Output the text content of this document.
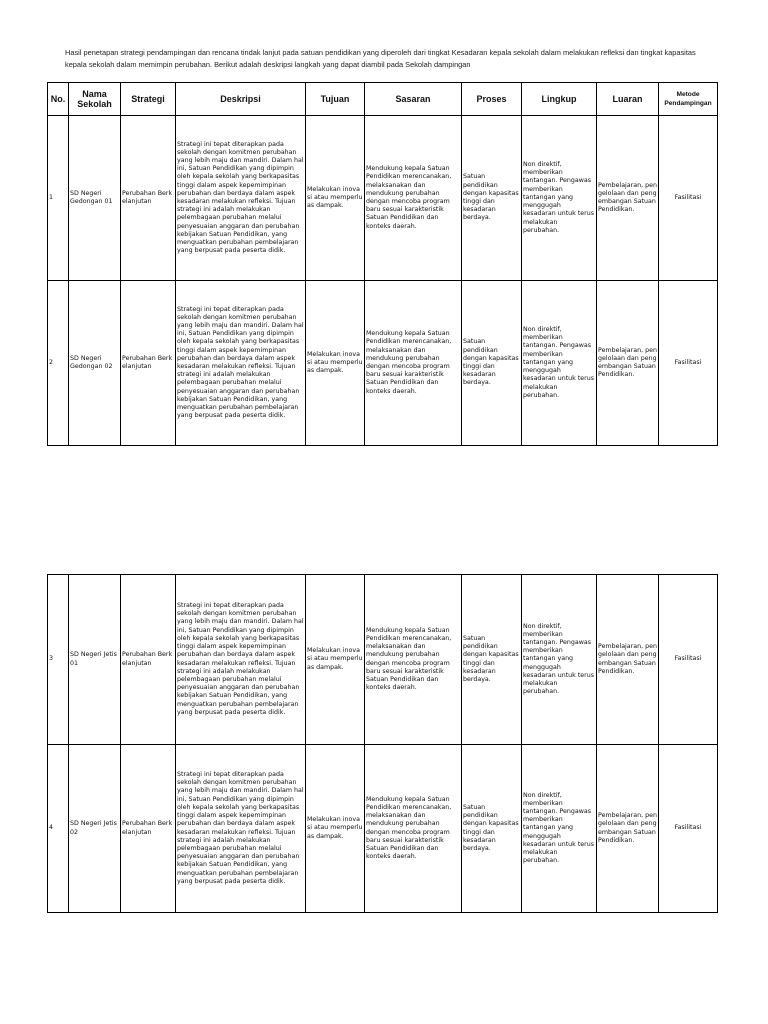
Hasil penetapan strategi pendampingan dan rencana tindak lanjut pada satuan pendidikan yang diperoleh dari tingkat Kesadaran kepala sekolah dalam melakukan refleksi dan tingkat kapasitas kepala sekolah dalam memimpin perubahan. Berikut adalah deskripsi langkah yang dapat diambil pada Sekolah dampingan

No.	Nama Sekolah	Strategi	Deskripsi	Tujuan	Sasaran	Proses	Lingkup	Luaran	Metode Pendampingan
1	SD Negeri Gedongan 01	Perubahan Berkelanjutan	Strategi ini tepat diterapkan pada sekolah dengan komitmen perubahan yang lebih maju dan mandiri. Dalam hal ini, Satuan Pendidikan yang dipimpin oleh kepala sekolah yang berkapasitas tinggi dalam aspek kepemimpinan perubahan dan berdaya dalam aspek kesadaran melakukan refleksi. Tujuan strategi ini adalah melakukan pelembagaan perubahan melalui penyesuaian anggaran dan perubahan kebijakan Satuan Pendidikan, yang menguatkan perubahan pembelajaran yang berpusat pada peserta didik.	Melakukan inovasi atau memperluas dampak.	Mendukung kepala Satuan Pendidikan merencanakan, melaksanakan dan mendukung perubahan dengan mencoba program baru sesuai karakteristik Satuan Pendidikan dan konteks daerah.	Satuan pendidikan dengan kapasitas tinggi dan kesadaran berdaya.	Non direktif, memberikan tantangan. Pengawas memberikan tantangan yang menggugah kesadaran untuk terus melakukan perubahan.	Pembelajaran, pengelolaan dan pengembangan Satuan Pendidikan.	Fasilitasi
2	SD Negeri Gedongan 02	Perubahan Berkelanjutan	Strategi ini tepat diterapkan pada sekolah dengan komitmen perubahan yang lebih maju dan mandiri. Dalam hal ini, Satuan Pendidikan yang dipimpin oleh kepala sekolah yang berkapasitas tinggi dalam aspek kepemimpinan perubahan dan berdaya dalam aspek kesadaran melakukan refleksi. Tujuan strategi ini adalah melakukan pelembagaan perubahan melalui penyesuaian anggaran dan perubahan kebijakan Satuan Pendidikan, yang menguatkan perubahan pembelajaran yang berpusat pada peserta didik.	Melakukan inovasi atau memperluas dampak.	Mendukung kepala Satuan Pendidikan merencanakan, melaksanakan dan mendukung perubahan dengan mencoba program baru sesuai karakteristik Satuan Pendidikan dan konteks daerah.	Satuan pendidikan dengan kapasitas tinggi dan kesadaran berdaya.	Non direktif, memberikan tantangan. Pengawas memberikan tantangan yang menggugah kesadaran untuk terus melakukan perubahan.	Pembelajaran, pengelolaan dan pengembangan Satuan Pendidikan.	Fasilitasi
3	SD Negeri Jetis 01	Perubahan Berkelanjutan	Strategi ini tepat diterapkan pada sekolah dengan komitmen perubahan yang lebih maju dan mandiri. Dalam hal ini, Satuan Pendidikan yang dipimpin oleh kepala sekolah yang berkapasitas tinggi dalam aspek kepemimpinan perubahan dan berdaya dalam aspek kesadaran melakukan refleksi. Tujuan strategi ini adalah melakukan pelembagaan perubahan melalui penyesuaian anggaran dan perubahan kebijakan Satuan Pendidikan, yang menguatkan perubahan pembelajaran yang berpusat pada peserta didik.	Melakukan inovasi atau memperluas dampak.	Mendukung kepala Satuan Pendidikan merencanakan, melaksanakan dan mendukung perubahan dengan mencoba program baru sesuai karakteristik Satuan Pendidikan dan konteks daerah.	Satuan pendidikan dengan kapasitas tinggi dan kesadaran berdaya.	Non direktif, memberikan tantangan. Pengawas memberikan tantangan yang menggugah kesadaran untuk terus melakukan perubahan.	Pembelajaran, pengelolaan dan pengembangan Satuan Pendidikan.	Fasilitasi
4	SD Negeri Jetis 02	Perubahan Berkelanjutan	Strategi ini tepat diterapkan pada sekolah dengan komitmen perubahan yang lebih maju dan mandiri. Dalam hal ini, Satuan Pendidikan yang dipimpin oleh kepala sekolah yang berkapasitas tinggi dalam aspek kepemimpinan perubahan dan berdaya dalam aspek kesadaran melakukan refleksi. Tujuan strategi ini adalah melakukan pelembagaan perubahan melalui penyesuaian anggaran dan perubahan kebijakan Satuan Pendidikan, yang menguatkan perubahan pembelajaran yang berpusat pada peserta didik.	Melakukan inovasi atau memperluas dampak.	Mendukung kepala Satuan Pendidikan merencanakan, melaksanakan dan mendukung perubahan dengan mencoba program baru sesuai karakteristik Satuan Pendidikan dan konteks daerah.	Satuan pendidikan dengan kapasitas tinggi dan kesadaran berdaya.	Non direktif, memberikan tantangan. Pengawas memberikan tantangan yang menggugah kesadaran untuk terus melakukan perubahan.	Pembelajaran, pengelolaan dan pengembangan Satuan Pendidikan.	Fasilitasi
